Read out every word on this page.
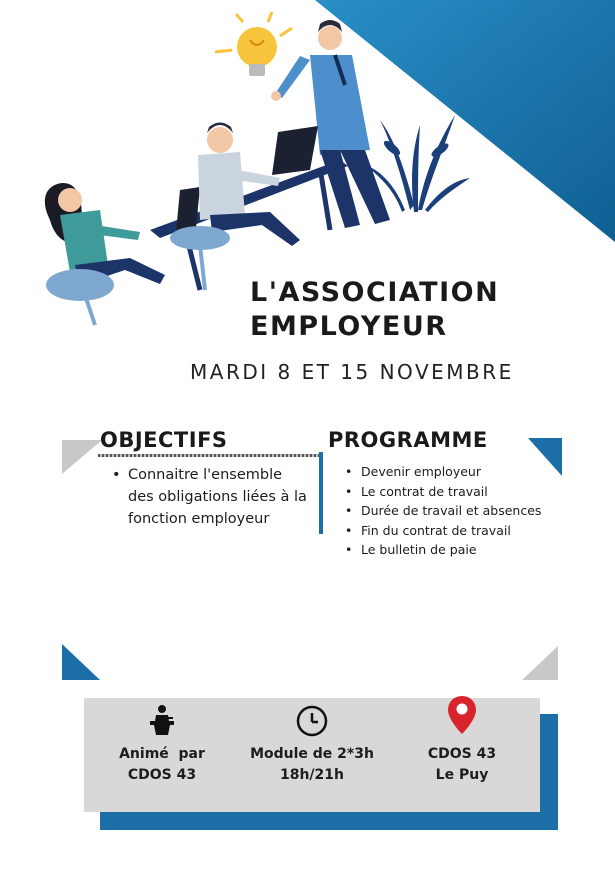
L'ASSOCIATION
EMPLOYEUR
MARDI 8 ET 15 NOVEMBRE
OBJECTIFS
• Connaitre l'ensemble des obligations liées à la fonction employeur
PROGRAMME
• Devenir employeur
• Le contrat de travail
• Durée de travail et absences
• Fin du contrat de travail
• Le bulletin de paie
Animé  par
CDOS 43
Module de 2*3h
18h/21h
CDOS 43
Le Puy
